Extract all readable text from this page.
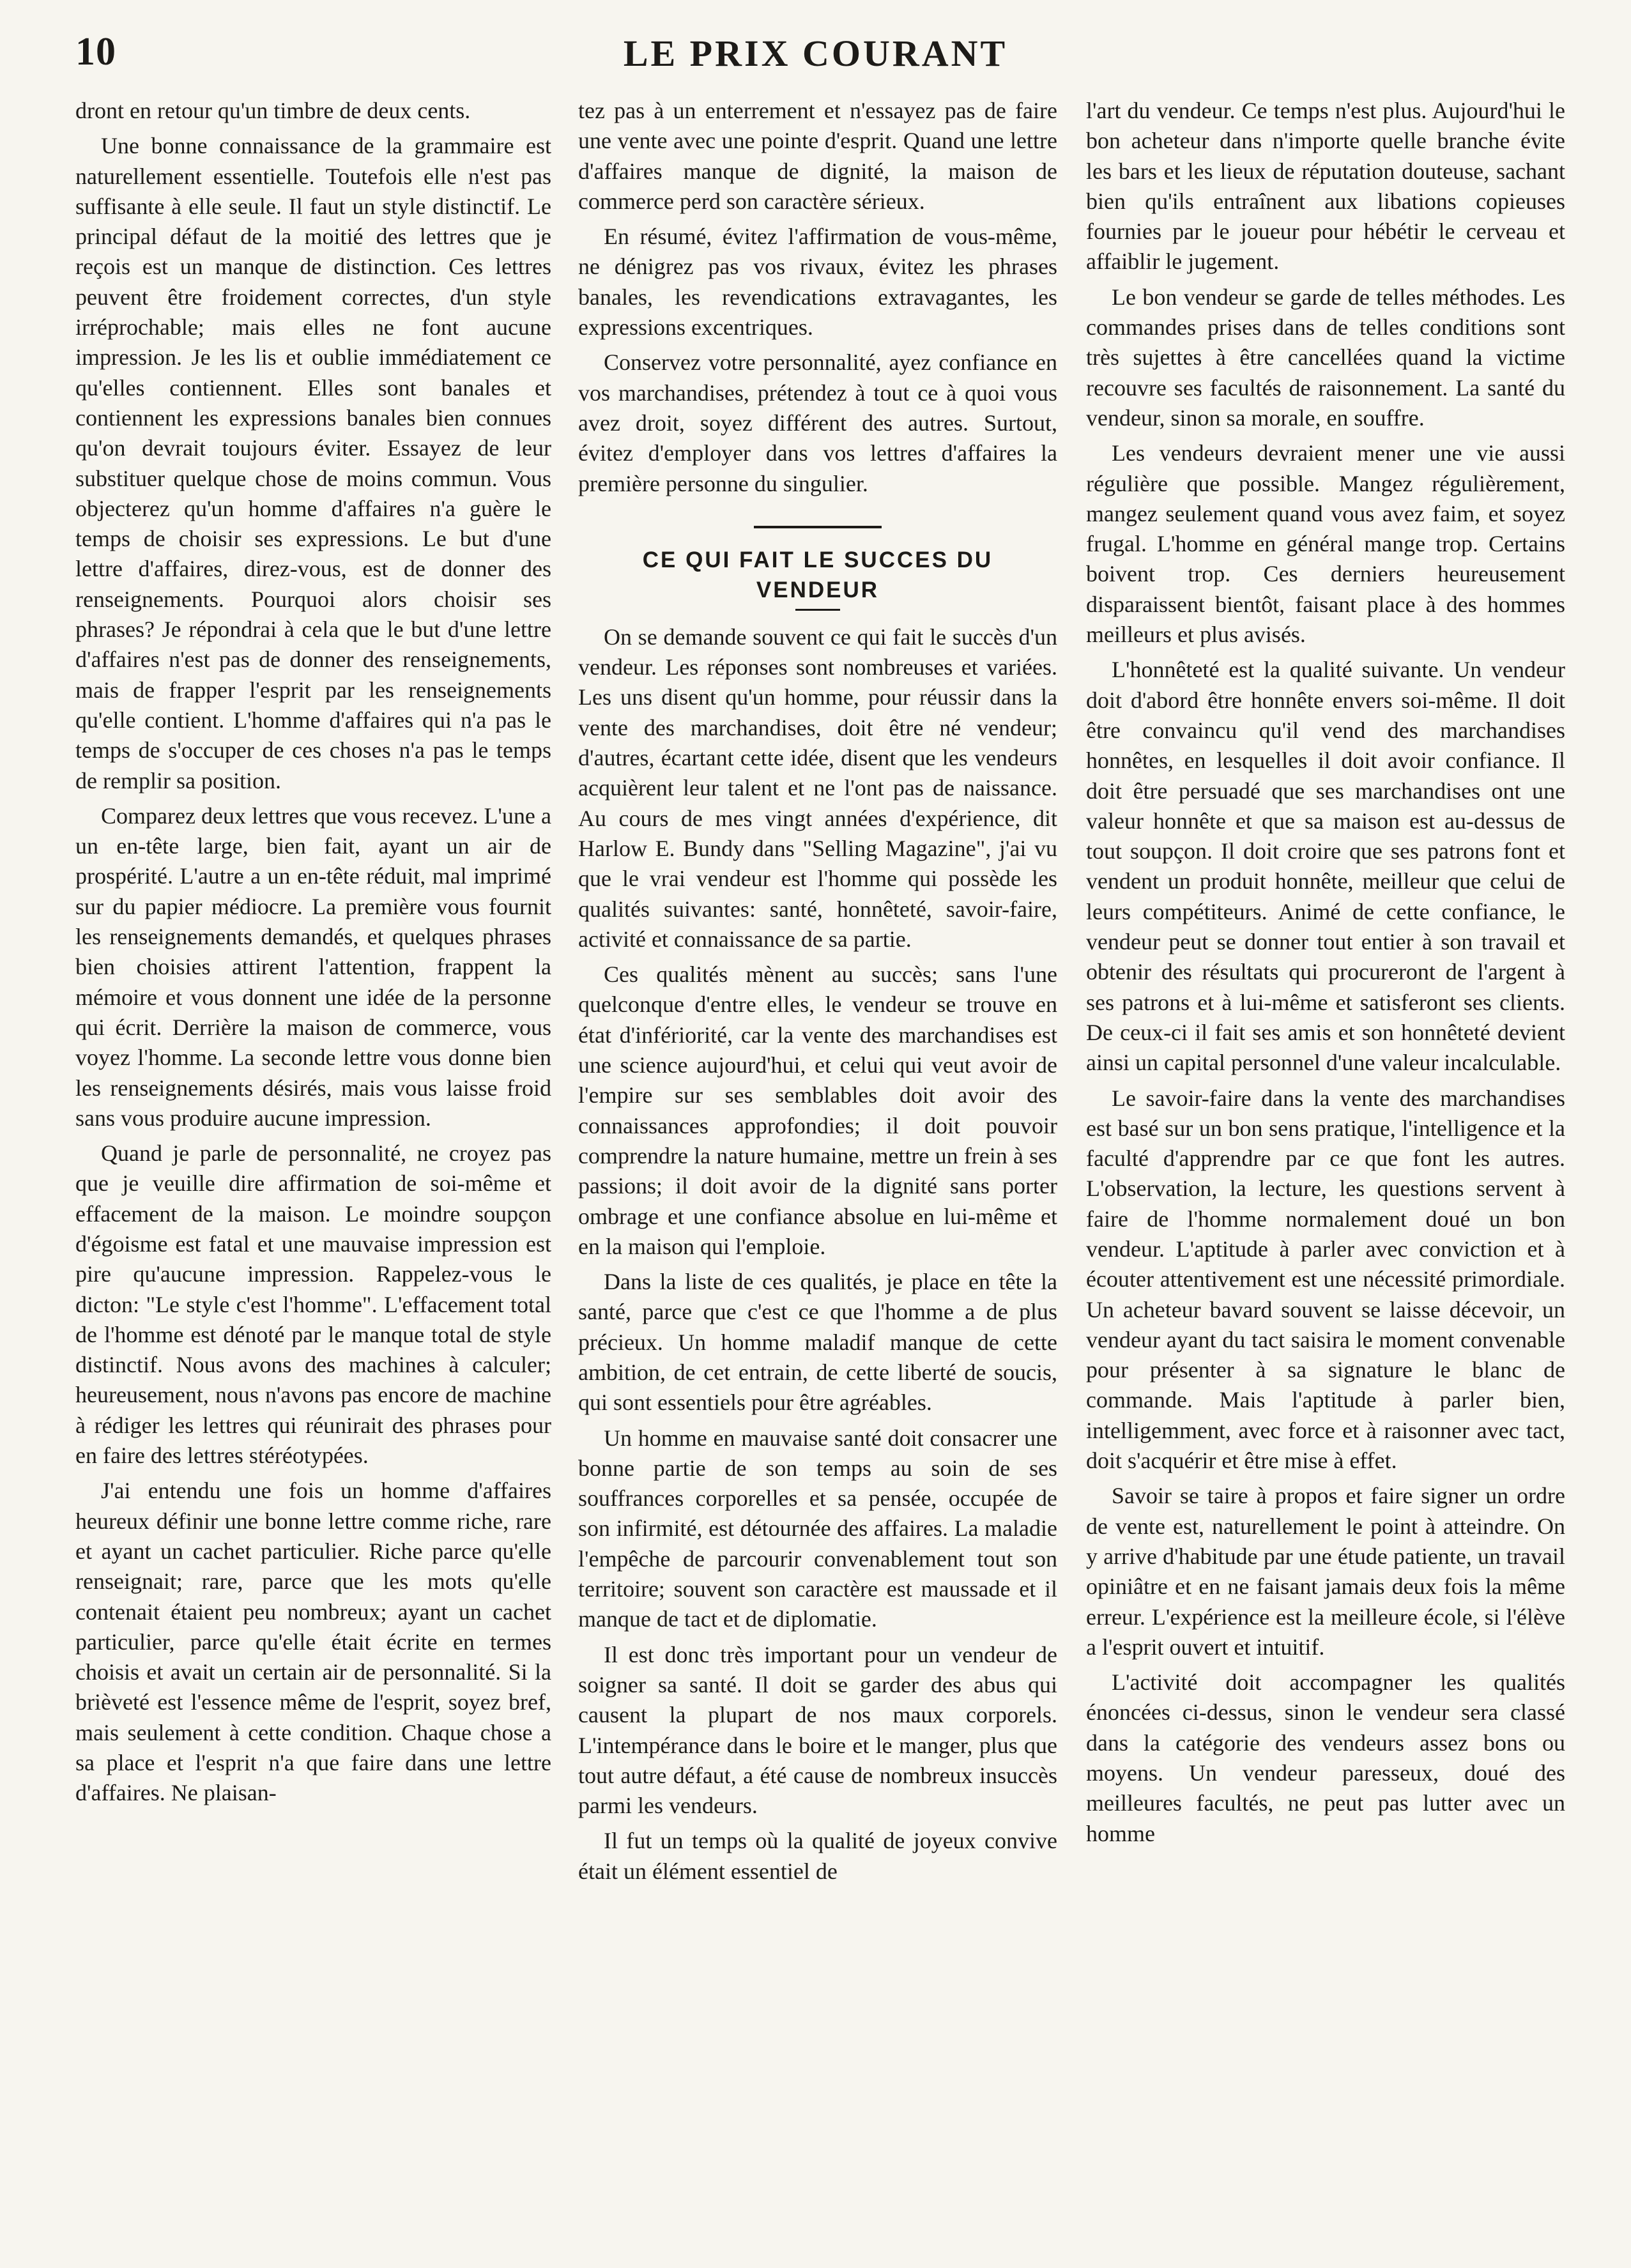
10	LE PRIX COURANT

dront en retour qu'un timbre de deux cents.

Une bonne connaissance de la grammaire est naturellement essentielle. Toutefois elle n'est pas suffisante à elle seule. Il faut un style distinctif. Le principal défaut de la moitié des lettres que je reçois est un manque de distinction. Ces lettres peuvent être froidement correctes, d'un style irréprochable; mais elles ne font aucune impression. Je les lis et oublie immédiatement ce qu'elles contiennent. Elles sont banales et contiennent les expressions banales bien connues qu'on devrait toujours éviter. Essayez de leur substituer quelque chose de moins commun. Vous objecterez qu'un homme d'affaires n'a guère le temps de choisir ses expressions. Le but d'une lettre d'affaires, direz-vous, est de donner des renseignements. Pourquoi alors choisir ses phrases? Je répondrai à cela que le but d'une lettre d'affaires n'est pas de donner des renseignements, mais de frapper l'esprit par les renseignements qu'elle contient. L'homme d'affaires qui n'a pas le temps de s'occuper de ces choses n'a pas le temps de remplir sa position.

Comparez deux lettres que vous recevez. L'une a un en-tête large, bien fait, ayant un air de prospérité. L'autre a un en-tête réduit, mal imprimé sur du papier médiocre. La première vous fournit les renseignements demandés, et quelques phrases bien choisies attirent l'attention, frappent la mémoire et vous donnent une idée de la personne qui écrit. Derrière la maison de commerce, vous voyez l'homme. La seconde lettre vous donne bien les renseignements désirés, mais vous laisse froid sans vous produire aucune impression.

Quand je parle de personnalité, ne croyez pas que je veuille dire affirmation de soi-même et effacement de la maison. Le moindre soupçon d'égoisme est fatal et une mauvaise impression est pire qu'aucune impression. Rappelez-vous le dicton: "Le style c'est l'homme". L'effacement total de l'homme est dénoté par le manque total de style distinctif. Nous avons des machines à calculer; heureusement, nous n'avons pas encore de machine à rédiger les lettres qui réunirait des phrases pour en faire des lettres stéréotypées.

J'ai entendu une fois un homme d'affaires heureux définir une bonne lettre comme riche, rare et ayant un cachet particulier. Riche parce qu'elle renseignait; rare, parce que les mots qu'elle contenait étaient peu nombreux; ayant un cachet particulier, parce qu'elle était écrite en termes choisis et avait un certain air de personnalité. Si la brièveté est l'essence même de l'esprit, soyez bref, mais seulement à cette condition. Chaque chose a sa place et l'esprit n'a que faire dans une lettre d'affaires. Ne plaisan-

tez pas à un enterrement et n'essayez pas de faire une vente avec une pointe d'esprit. Quand une lettre d'affaires manque de dignité, la maison de commerce perd son caractère sérieux.

En résumé, évitez l'affirmation de vous-même, ne dénigrez pas vos rivaux, évitez les phrases banales, les revendications extravagantes, les expressions excentriques.

Conservez votre personnalité, ayez confiance en vos marchandises, prétendez à tout ce à quoi vous avez droit, soyez différent des autres. Surtout, évitez d'employer dans vos lettres d'affaires la première personne du singulier.

CE QUI FAIT LE SUCCES DU VENDEUR

On se demande souvent ce qui fait le succès d'un vendeur. Les réponses sont nombreuses et variées. Les uns disent qu'un homme, pour réussir dans la vente des marchandises, doit être né vendeur; d'autres, écartant cette idée, disent que les vendeurs acquièrent leur talent et ne l'ont pas de naissance. Au cours de mes vingt années d'expérience, dit Harlow E. Bundy dans "Selling Magazine", j'ai vu que le vrai vendeur est l'homme qui possède les qualités suivantes: santé, honnêteté, savoir-faire, activité et connaissance de sa partie.

Ces qualités mènent au succès; sans l'une quelconque d'entre elles, le vendeur se trouve en état d'infériorité, car la vente des marchandises est une science aujourd'hui, et celui qui veut avoir de l'empire sur ses semblables doit avoir des connaissances approfondies; il doit pouvoir comprendre la nature humaine, mettre un frein à ses passions; il doit avoir de la dignité sans porter ombrage et une confiance absolue en lui-même et en la maison qui l'emploie.

Dans la liste de ces qualités, je place en tête la santé, parce que c'est ce que l'homme a de plus précieux. Un homme maladif manque de cette ambition, de cet entrain, de cette liberté de soucis, qui sont essentiels pour être agréables.

Un homme en mauvaise santé doit consacrer une bonne partie de son temps au soin de ses souffrances corporelles et sa pensée, occupée de son infirmité, est détournée des affaires. La maladie l'empêche de parcourir convenablement tout son territoire; souvent son caractère est maussade et il manque de tact et de diplomatie.

Il est donc très important pour un vendeur de soigner sa santé. Il doit se garder des abus qui causent la plupart de nos maux corporels. L'intempérance dans le boire et le manger, plus que tout autre défaut, a été cause de nombreux insuccès parmi les vendeurs.

Il fut un temps où la qualité de joyeux convive était un élément essentiel de

l'art du vendeur. Ce temps n'est plus. Aujourd'hui le bon acheteur dans n'importe quelle branche évite les bars et les lieux de réputation douteuse, sachant bien qu'ils entraînent aux libations copieuses fournies par le joueur pour hébétir le cerveau et affaiblir le jugement.

Le bon vendeur se garde de telles méthodes. Les commandes prises dans de telles conditions sont très sujettes à être cancellées quand la victime recouvre ses facultés de raisonnement. La santé du vendeur, sinon sa morale, en souffre.

Les vendeurs devraient mener une vie aussi régulière que possible. Mangez régulièrement, mangez seulement quand vous avez faim, et soyez frugal. L'homme en général mange trop. Certains boivent trop. Ces derniers heureusement disparaissent bientôt, faisant place à des hommes meilleurs et plus avisés.

L'honnêteté est la qualité suivante. Un vendeur doit d'abord être honnête envers soi-même. Il doit être convaincu qu'il vend des marchandises honnêtes, en lesquelles il doit avoir confiance. Il doit être persuadé que ses marchandises ont une valeur honnête et que sa maison est au-dessus de tout soupçon. Il doit croire que ses patrons font et vendent un produit honnête, meilleur que celui de leurs compétiteurs. Animé de cette confiance, le vendeur peut se donner tout entier à son travail et obtenir des résultats qui procureront de l'argent à ses patrons et à lui-même et satisferont ses clients. De ceux-ci il fait ses amis et son honnêteté devient ainsi un capital personnel d'une valeur incalculable.

Le savoir-faire dans la vente des marchandises est basé sur un bon sens pratique, l'intelligence et la faculté d'apprendre par ce que font les autres. L'observation, la lecture, les questions servent à faire de l'homme normalement doué un bon vendeur. L'aptitude à parler avec conviction et à écouter attentivement est une nécessité primordiale. Un acheteur bavard souvent se laisse décevoir, un vendeur ayant du tact saisira le moment convenable pour présenter à sa signature le blanc de commande. Mais l'aptitude à parler bien, intelligemment, avec force et à raisonner avec tact, doit s'acquérir et être mise à effet.

Savoir se taire à propos et faire signer un ordre de vente est, naturellement le point à atteindre. On y arrive d'habitude par une étude patiente, un travail opiniâtre et en ne faisant jamais deux fois la même erreur. L'expérience est la meilleure école, si l'élève a l'esprit ouvert et intuitif.

L'activité doit accompagner les qualités énoncées ci-dessus, sinon le vendeur sera classé dans la catégorie des vendeurs assez bons ou moyens. Un vendeur paresseux, doué des meilleures facultés, ne peut pas lutter avec un homme
